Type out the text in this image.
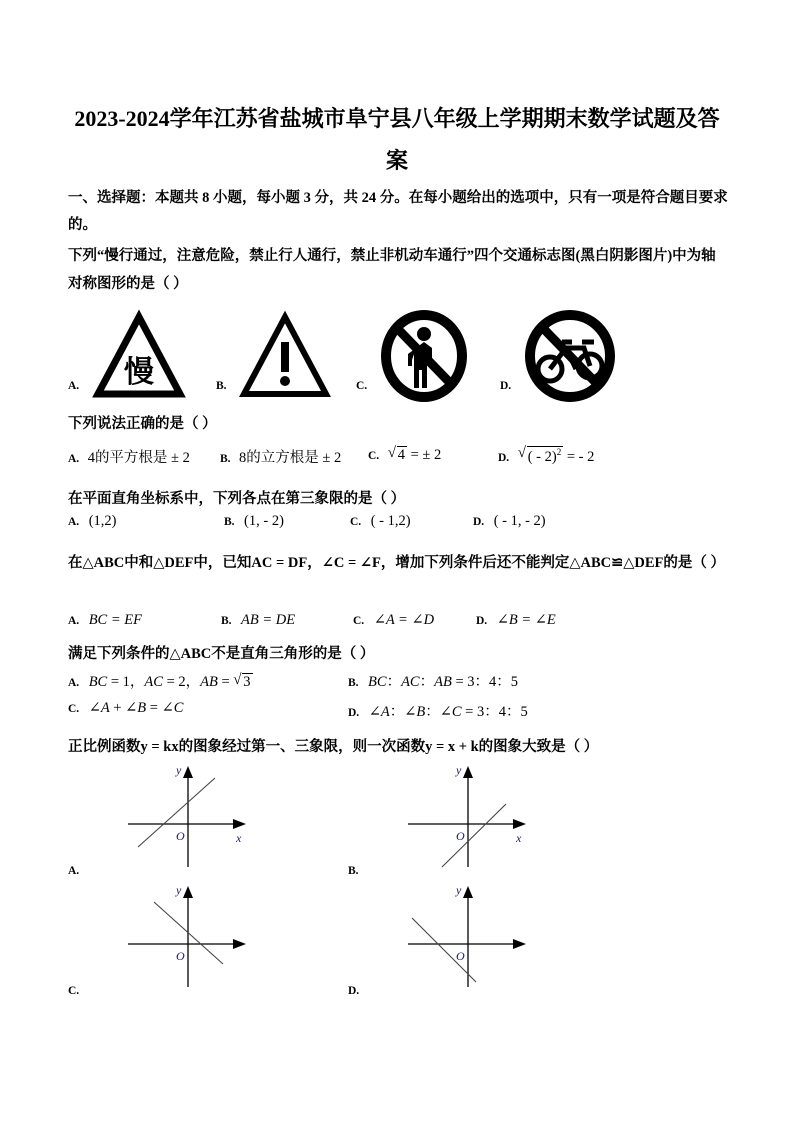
2023-2024学年江苏省盐城市阜宁县八年级上学期期末数学试题及答案
一、选择题：本题共 8 小题，每小题 3 分，共 24 分。在每小题给出的选项中，只有一项是符合题目要求的。
下列“慢行通过，注意危险，禁止行人通行，禁止非机动车通行”四个交通标志图(黑白阴影图片)中为轴对称图形的是（ ）
A. 慢	B.	C.	D.
下列说法正确的是（ ）
A. 4的平方根是 ± 2	B. 8的立方根是 ± 2 C. √ 4 = ± 2	D. √ ( - 2)$^2$ = - 2
在平面直角坐标系中，下列各点在第三象限的是（ ）
A. (1,2)	B. (1, - 2)	C. ( - 1,2)	D. ( - 1, - 2)
在△ABC中和△DEF中，已知AC = DF，∠C = ∠F，增加下列条件后还不能判定△ABC≌△DEF的是（ ）
A. BC = EF	B. AB = DE	C. ∠A = ∠D	D. ∠B = ∠E
满足下列条件的△ABC不是直角三角形的是（ ）
A. BC = 1，AC = 2，AB = √ 3	B. BC：AC：AB = 3：4：5
C. ∠A + ∠B = ∠C	D. ∠A：∠B：∠C = 3：4：5
正比例函数y = kx的图象经过第一、三象限，则一次函数y = x + k的图象大致是（ ）
y
x
O
A.
y
x
O
B.
y
O
C.
y
O
D.
